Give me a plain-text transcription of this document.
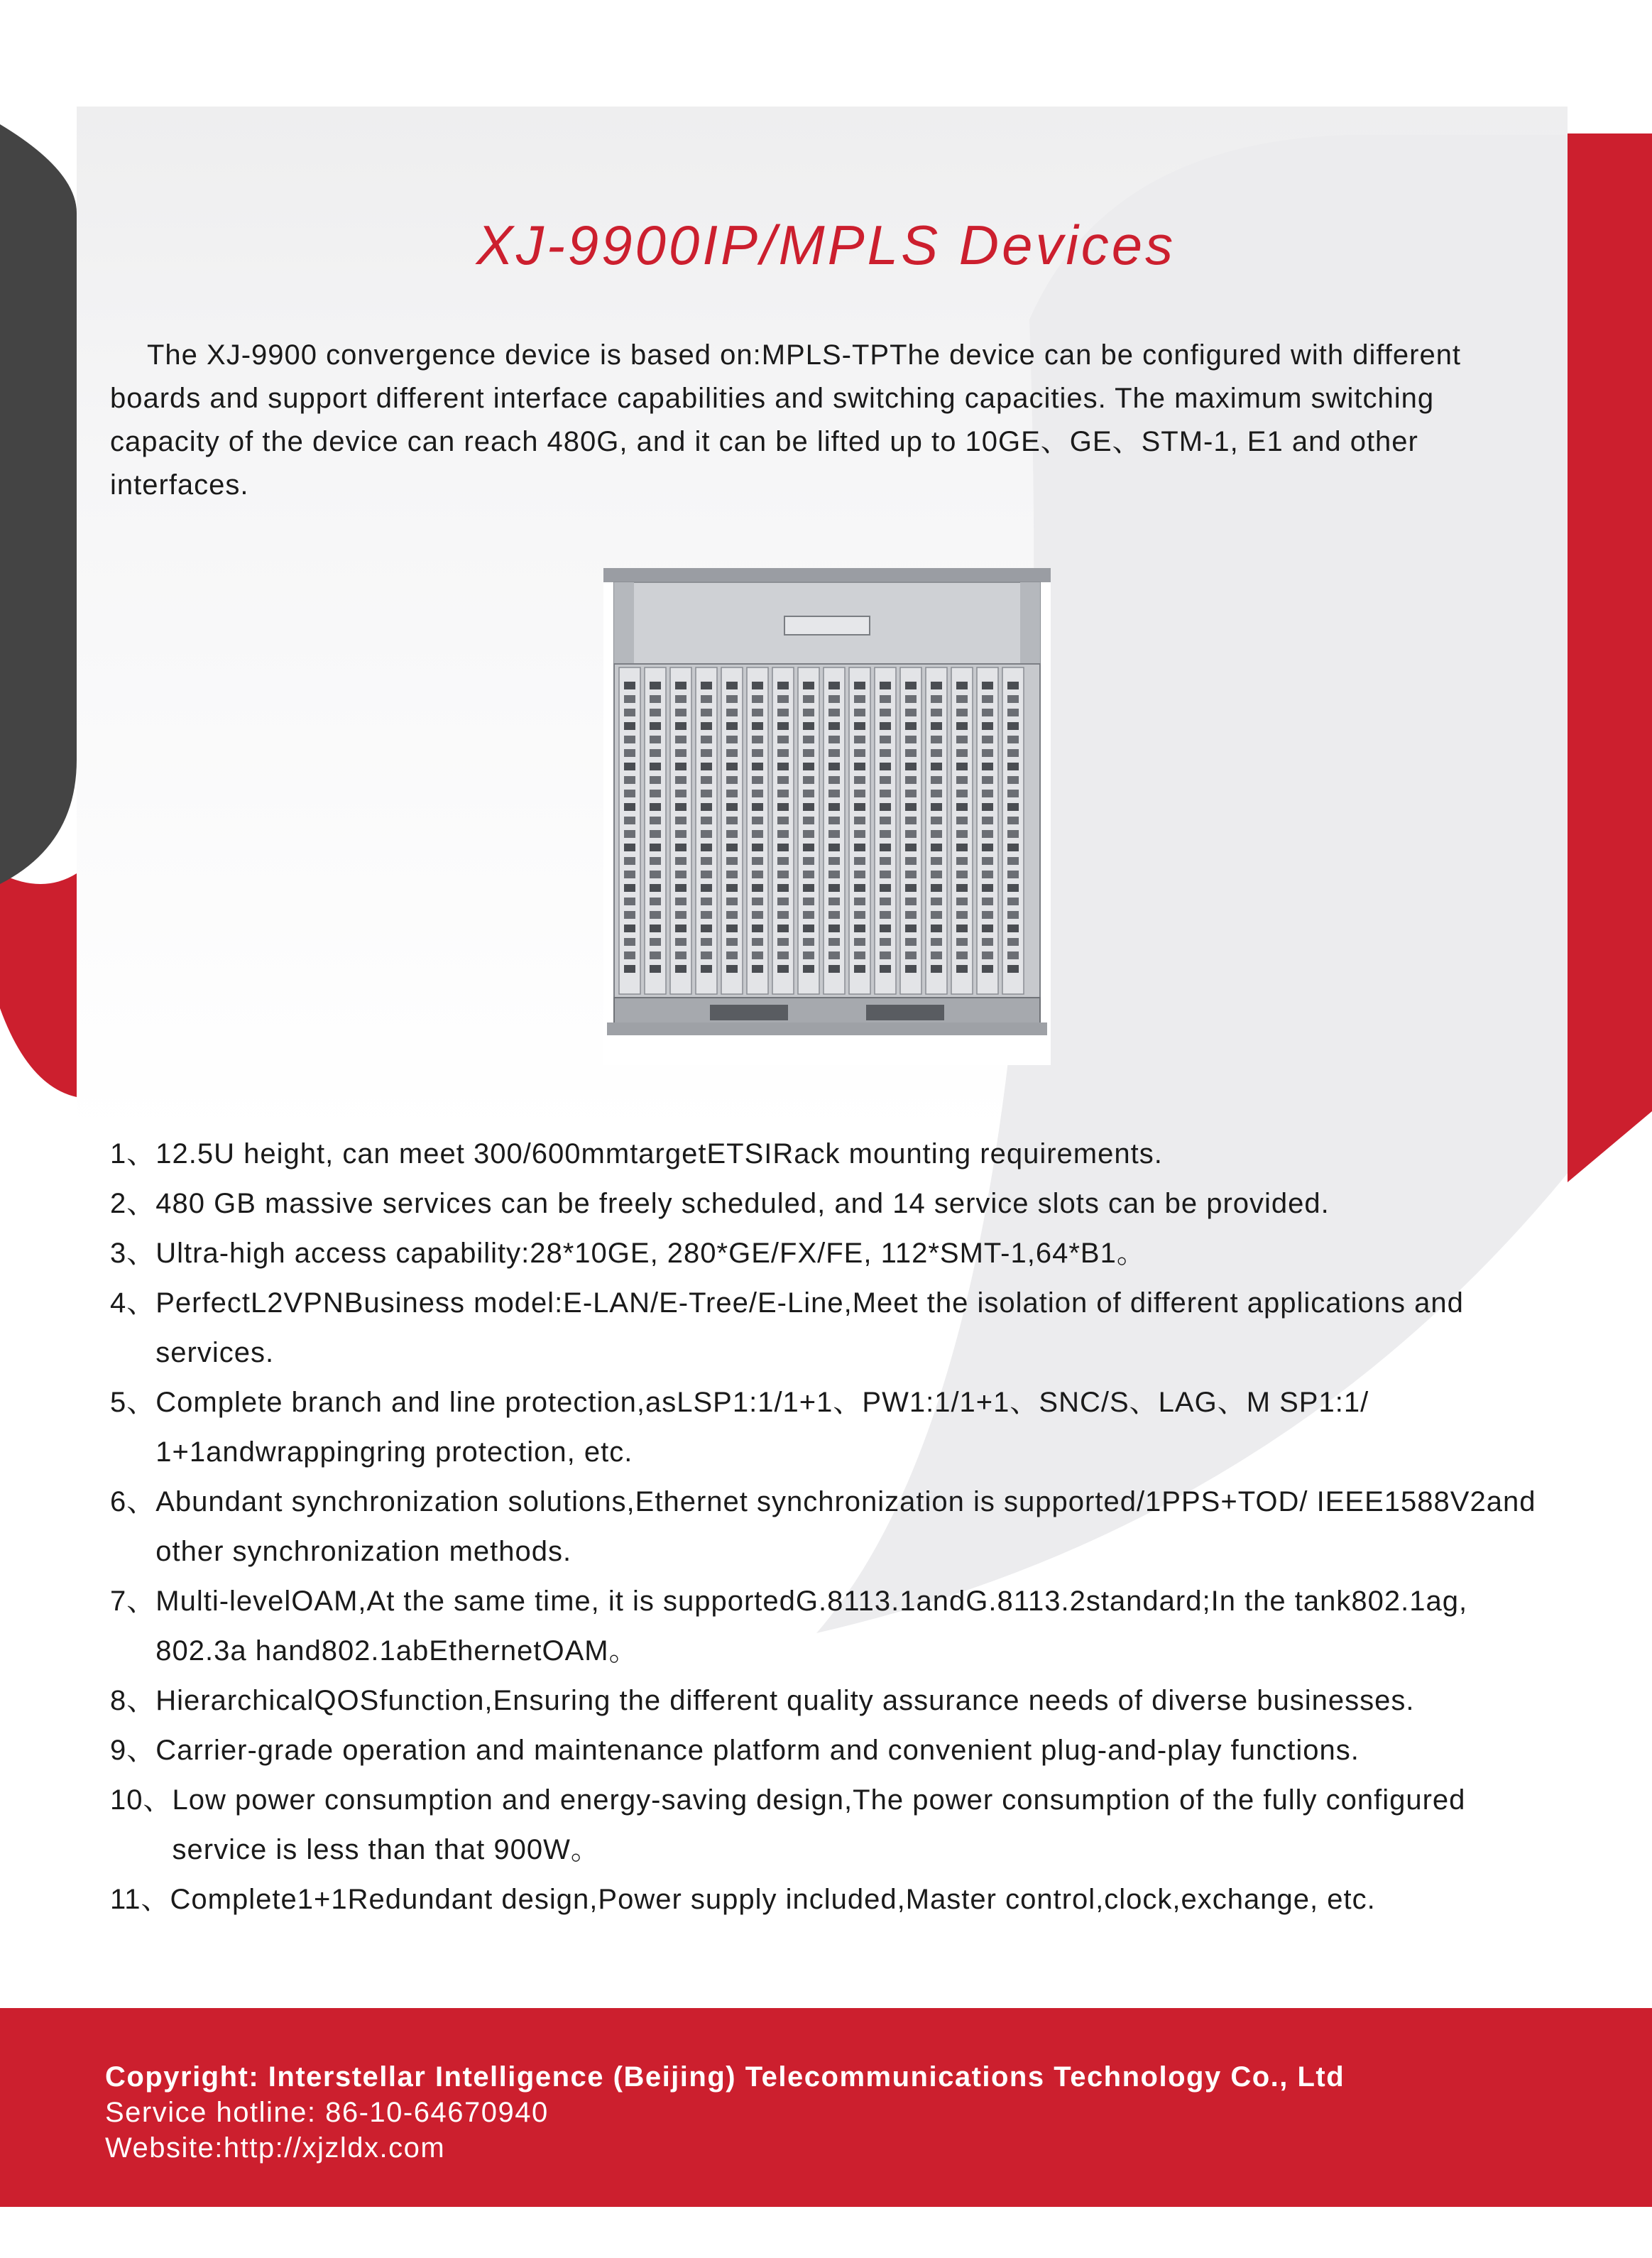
XJ-9900IP/MPLS Devices

The XJ-9900 convergence device is based on:MPLS-TPThe device can be configured with different boards and support different interface capabilities and switching capacities. The maximum switching capacity of the device can reach 480G, and it can be lifted up to 10GE、GE、STM-1, E1 and other interfaces.

1、 12.5U height, can meet 300/600mmtargetETSIRack mounting requirements.
2、 480 GB massive services can be freely scheduled, and 14 service slots can be provided.
3、 Ultra-high access capability:28*10GE, 280*GE/FX/FE, 112*SMT-1,64*B1。
4、 PerfectL2VPNBusiness model:E-LAN/E-Tree/E-Line,Meet the isolation of different applications and services.
5、 Complete branch and line protection,asLSP1:1/1+1、PW1:1/1+1、SNC/S、LAG、M SP1:1/ 1+1andwrappingring protection, etc.
6、 Abundant synchronization solutions,Ethernet synchronization is supported/1PPS+TOD/ IEEE1588V2and other synchronization methods.
7、 Multi-levelOAM,At the same time, it is supportedG.8113.1andG.8113.2standard;In the tank802.1ag, 802.3a hand802.1abEthernetOAM。
8、 HierarchicalQOSfunction,Ensuring the different quality assurance needs of diverse businesses.
9、 Carrier-grade operation and maintenance platform and convenient plug-and-play functions.
10、 Low power consumption and energy-saving design,The power consumption of the fully configured service is less than that 900W。
11、 Complete1+1Redundant design,Power supply included,Master control,clock,exchange, etc.
Copyright: Interstellar Intelligence (Beijing) Telecommunications Technology Co., Ltd
Service hotline: 86-10-64670940
Website:http://xjzldx.com
